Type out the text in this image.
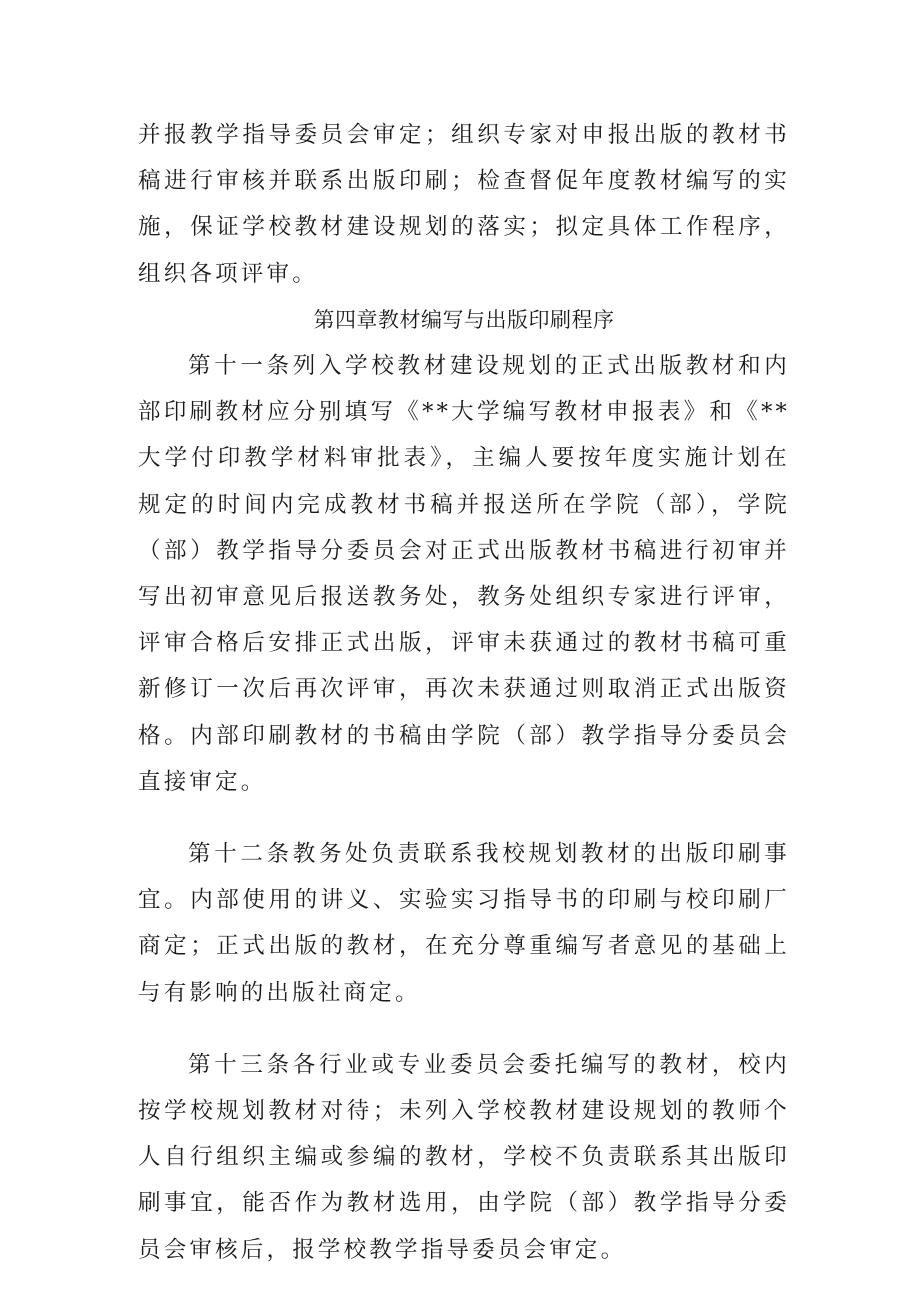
并报教学指导委员会审定；组织专家对申报出版的教材书稿进行审核并联系出版印刷；检查督促年度教材编写的实施，保证学校教材建设规划的落实；拟定具体工作程序，组织各项评审。

第四章教材编写与出版印刷程序

第十一条列入学校教材建设规划的正式出版教材和内部印刷教材应分别填写《**大学编写教材申报表》和《**大学付印教学材料审批表》，主编人要按年度实施计划在规定的时间内完成教材书稿并报送所在学院（部），学院（部）教学指导分委员会对正式出版教材书稿进行初审并写出初审意见后报送教务处，教务处组织专家进行评审，评审合格后安排正式出版，评审未获通过的教材书稿可重新修订一次后再次评审，再次未获通过则取消正式出版资格。内部印刷教材的书稿由学院（部）教学指导分委员会直接审定。

第十二条教务处负责联系我校规划教材的出版印刷事宜。内部使用的讲义、实验实习指导书的印刷与校印刷厂商定；正式出版的教材，在充分尊重编写者意见的基础上与有影响的出版社商定。

第十三条各行业或专业委员会委托编写的教材，校内按学校规划教材对待；未列入学校教材建设规划的教师个人自行组织主编或参编的教材，学校不负责联系其出版印刷事宜，能否作为教材选用，由学院（部）教学指导分委员会审核后，报学校教学指导委员会审定。
